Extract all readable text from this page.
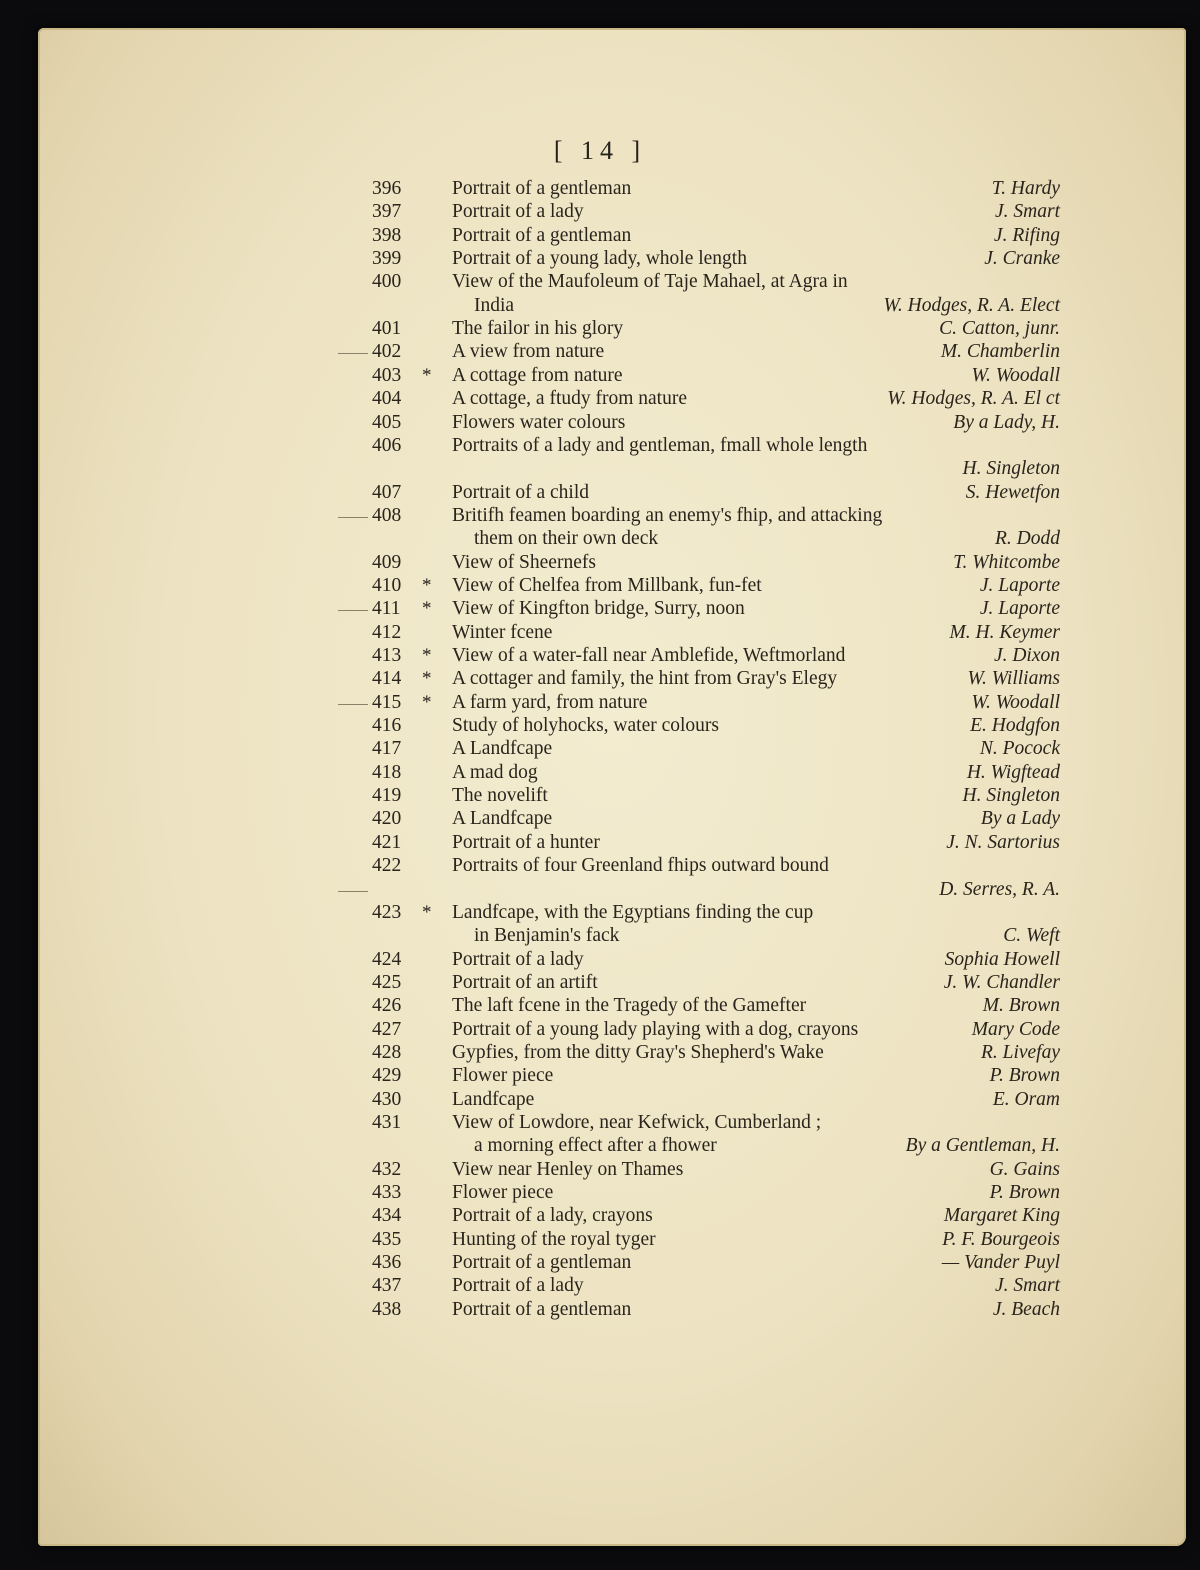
[ 14 ]
396	Portrait of a gentleman	T. Hardy
397	Portrait of a lady	J. Smart
398	Portrait of a gentleman	J. Rifing
399	Portrait of a young lady, whole length	J. Cranke
400	View of the Maufoleum of Taje Mahael, at Agra in
India	W. Hodges, R. A. Elect
401	The failor in his glory	C. Catton, junr.
402	A view from nature	M. Chamberlin
403	* A cottage from nature	W. Woodall
404	A cottage, a ftudy from nature	W. Hodges, R. A. El ct
405	Flowers water colours	By a Lady, H.
406	Portraits of a lady and gentleman, fmall whole length
H. Singleton
407	Portrait of a child	S. Hewetfon
408	Britifh feamen boarding an enemy's fhip, and attacking
them on their own deck	R. Dodd
409	View of Sheernefs	T. Whitcombe
410	* View of Chelfea from Millbank, fun-fet	J. Laporte
411	* View of Kingfton bridge, Surry, noon	J. Laporte
412	Winter fcene	M. H. Keymer
413	* View of a water-fall near Amblefide, Weftmorland	J. Dixon
414	* A cottager and family, the hint from Gray's Elegy	W. Williams
415	* A farm yard, from nature	W. Woodall
416	Study of holyhocks, water colours	E. Hodgfon
417	A Landfcape	N. Pocock
418	A mad dog	H. Wigftead
419	The novelift	H. Singleton
420	A Landfcape	By a Lady
421	Portrait of a hunter	J. N. Sartorius
422	Portraits of four Greenland fhips outward bound
D. Serres, R. A.
423	* Landfcape, with the Egyptians finding the cup
in Benjamin's fack	C. Weft
424	Portrait of a lady	Sophia Howell
425	Portrait of an artift	J. W. Chandler
426	The laft fcene in the Tragedy of the Gamefter	M. Brown
427	Portrait of a young lady playing with a dog, crayons	Mary Code
428	Gypfies, from the ditty Gray's Shepherd's Wake	R. Livefay
429	Flower piece	P. Brown
430	Landfcape	E. Oram
431	View of Lowdore, near Kefwick, Cumberland ;
a morning effect after a fhower	By a Gentleman, H.
432	View near Henley on Thames	G. Gains
433	Flower piece	P. Brown
434	Portrait of a lady, crayons	Margaret King
435	Hunting of the royal tyger	P. F. Bourgeois
436	Portrait of a gentleman	— Vander Puyl
437	Portrait of a lady	J. Smart
438	Portrait of a gentleman	J. Beach
